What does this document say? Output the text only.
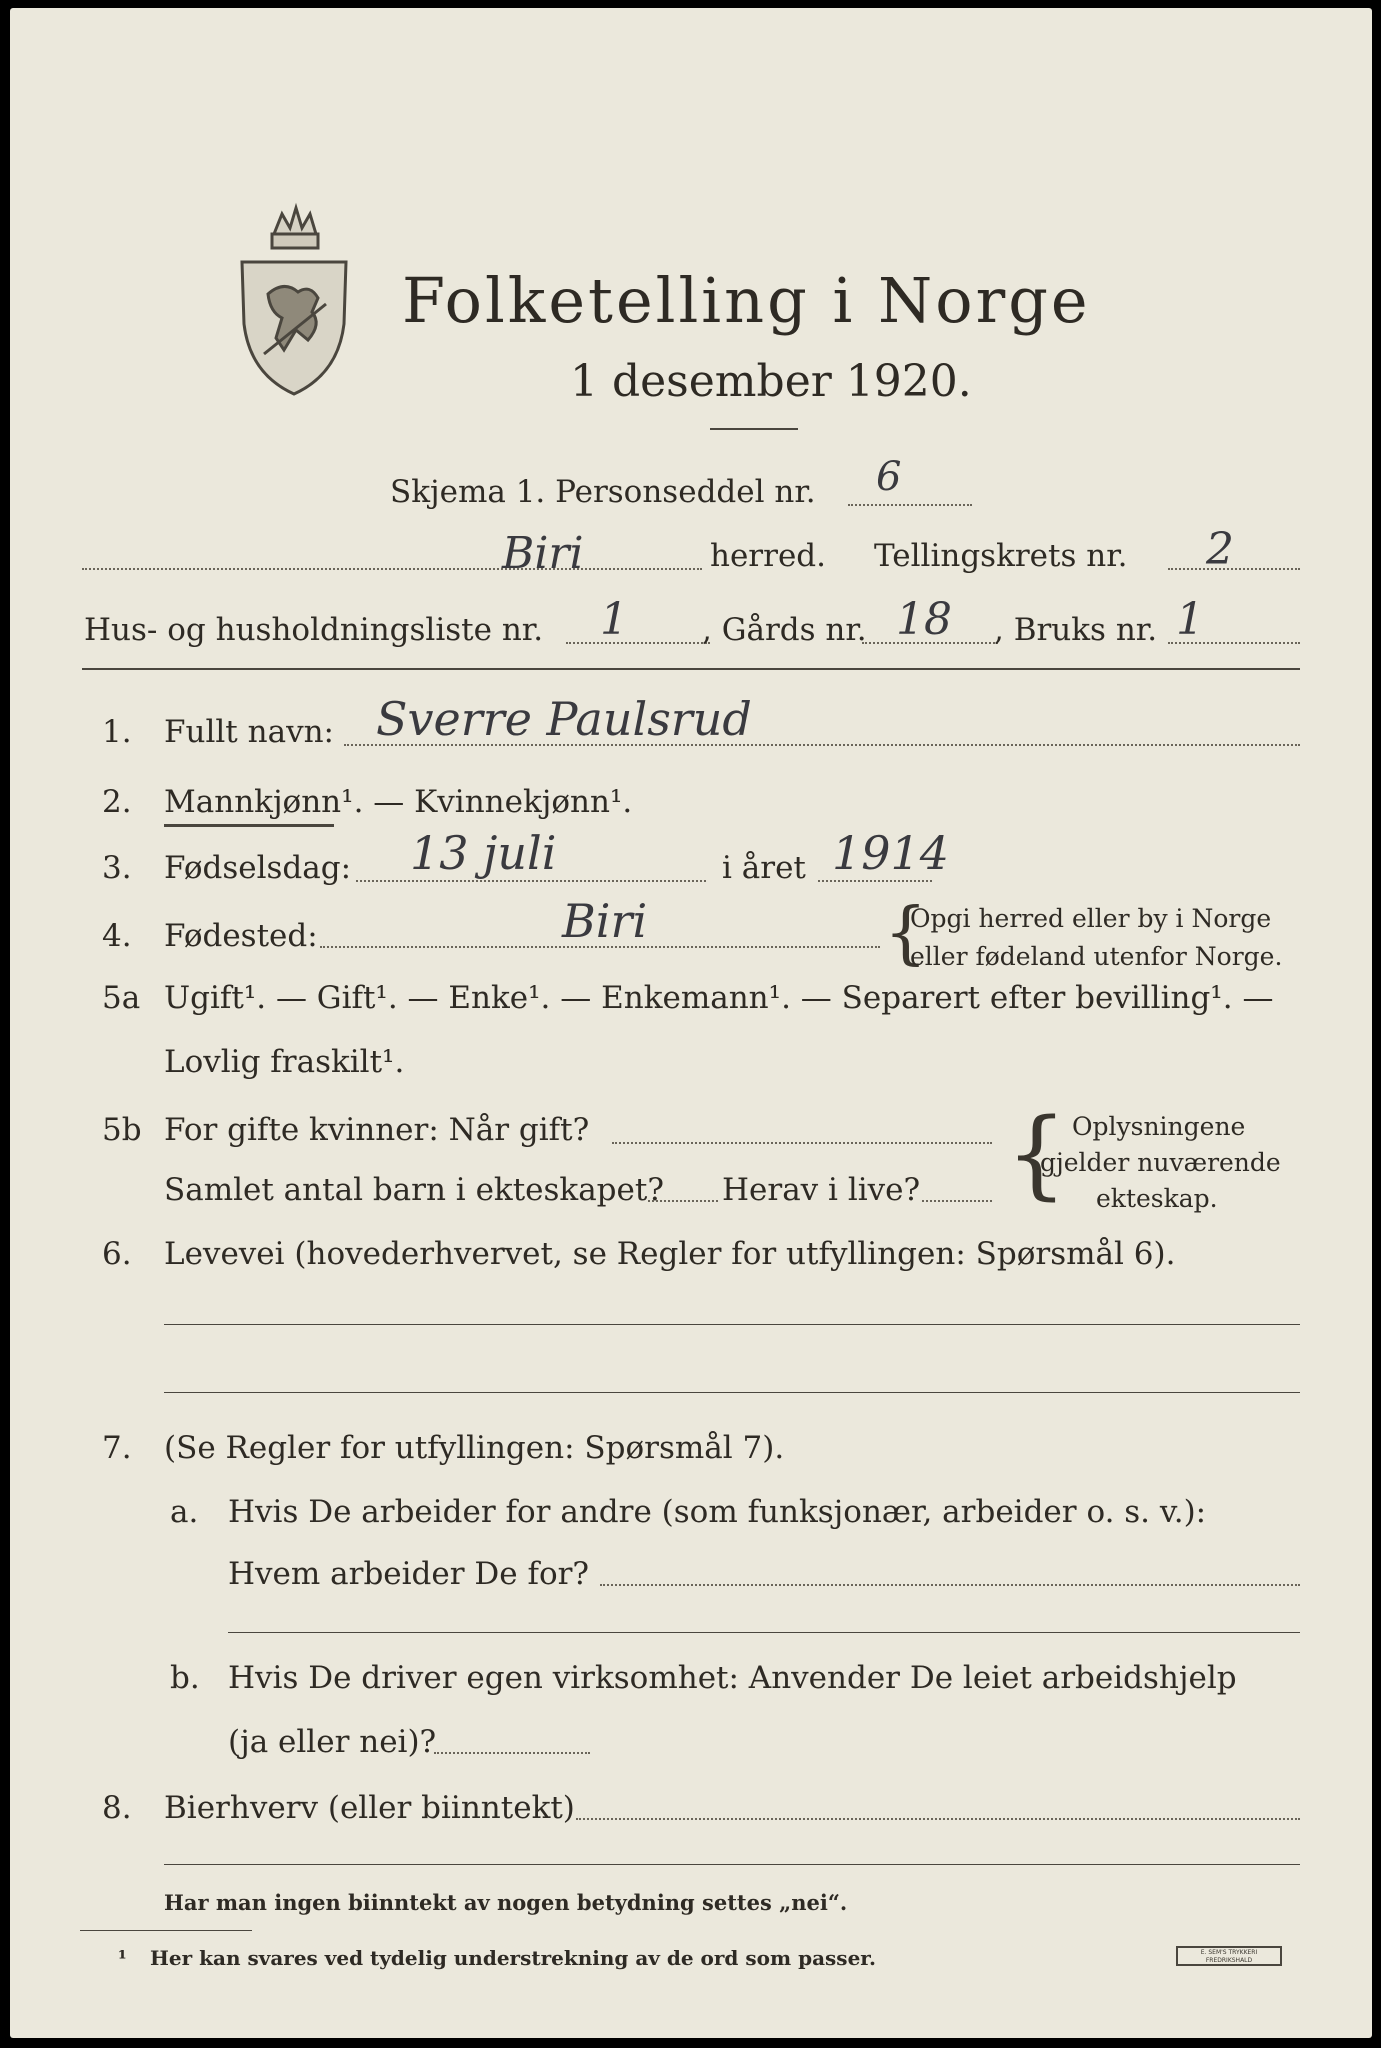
Folketelling i Norge
1 desember 1920.
Skjema 1. Personseddel nr. 6
Biri	herred. Tellingskrets nr. 2
Hus- og husholdningsliste nr. 1 , Gårds nr. 18 , Bruks nr. 1
1. Fullt navn: Sverre Paulsrud
2. Mannkjønn¹. — Kvinnekjønn¹.
3. Fødselsdag: 13 juli	i året 1914
4. Fødested:	Biri	{
Opgi herred eller by i Norge
eller fødeland utenfor Norge.
5a Ugift¹. — Gift¹. — Enke¹. — Enkemann¹. — Separert efter bevilling¹. —
Lovlig fraskilt¹.
5b For gifte kvinner: Når gift?
Samlet antal barn i ekteskapet? Herav i live? { Oplysningene
gjelder nuværende
ekteskap.
6. Levevei (hovederhvervet, se Regler for utfyllingen: Spørsmål 6).
7. (Se Regler for utfyllingen: Spørsmål 7).
a. Hvis De arbeider for andre (som funksjonær, arbeider o. s. v.):
Hvem arbeider De for?
b. Hvis De driver egen virksomhet: Anvender De leiet arbeidshjelp
(ja eller nei)?
8. Bierhverv (eller biinntekt)
Har man ingen biinntekt av nogen betydning settes „nei“.
¹ Her kan svares ved tydelig understrekning av de ord som passer.	E. SEM'S TRYKKERI FREDRIKSHALD
